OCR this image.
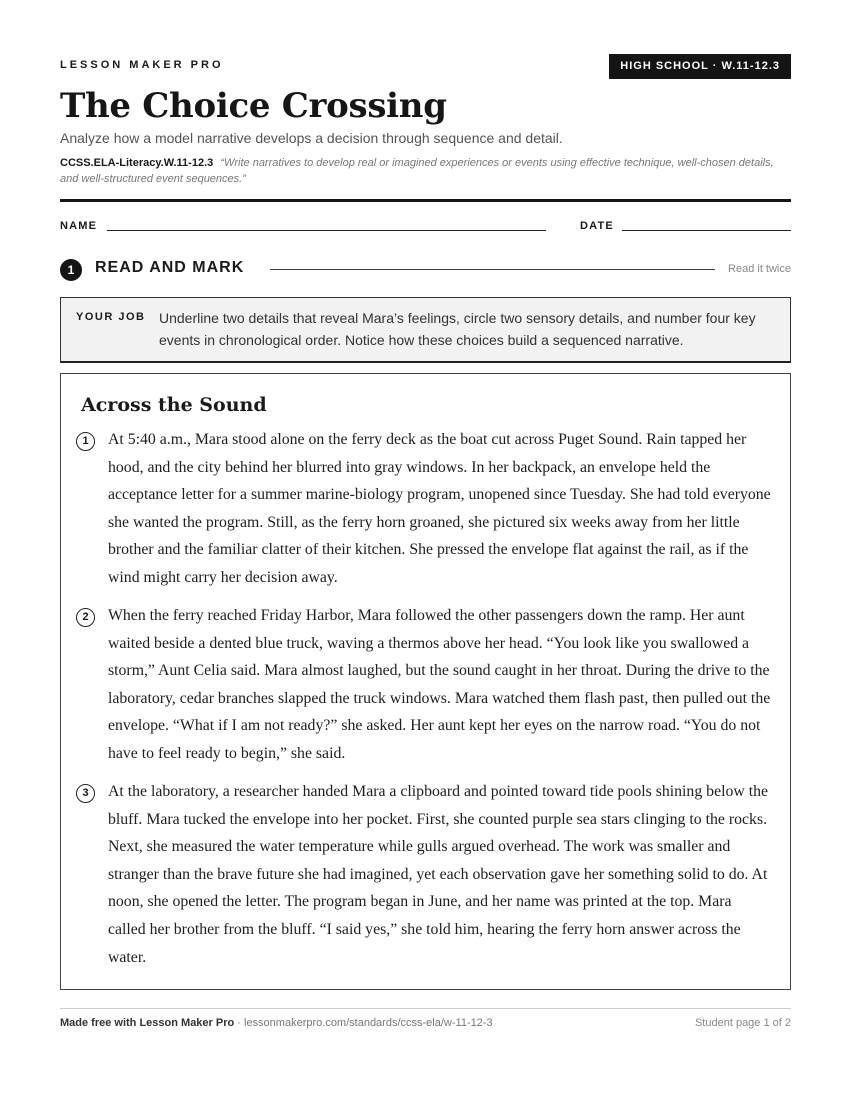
LESSON MAKER PRO	HIGH SCHOOL · W.11-12.3
The Choice Crossing
Analyze how a model narrative develops a decision through sequence and detail.
CCSS.ELA-Literacy.W.11-12.3 “Write narratives to develop real or imagined experiences or events using effective technique, well-chosen details, and well-structured event sequences.”
NAME	DATE
1	READ AND MARK	Read it twice
YOUR JOB Underline two details that reveal Mara’s feelings, circle two sensory details, and number four key events in chronological order. Notice how these choices build a sequenced narrative.
Across the Sound
1	At 5:40 a.m., Mara stood alone on the ferry deck as the boat cut across Puget Sound. Rain tapped her hood, and the city behind her blurred into gray windows. In her backpack, an envelope held the acceptance letter for a summer marine-biology program, unopened since Tuesday. She had told everyone she wanted the program. Still, as the ferry horn groaned, she pictured six weeks away from her little brother and the familiar clatter of their kitchen. She pressed the envelope flat against the rail, as if the wind might carry her decision away.

2	When the ferry reached Friday Harbor, Mara followed the other passengers down the ramp. Her aunt waited beside a dented blue truck, waving a thermos above her head. “You look like you swallowed a storm,” Aunt Celia said. Mara almost laughed, but the sound caught in her throat. During the drive to the laboratory, cedar branches slapped the truck windows. Mara watched them flash past, then pulled out the envelope. “What if I am not ready?” she asked. Her aunt kept her eyes on the narrow road. “You do not have to feel ready to begin,” she said.

3	At the laboratory, a researcher handed Mara a clipboard and pointed toward tide pools shining below the bluff. Mara tucked the envelope into her pocket. First, she counted purple sea stars clinging to the rocks. Next, she measured the water temperature while gulls argued overhead. The work was smaller and stranger than the brave future she had imagined, yet each observation gave her something solid to do. At noon, she opened the letter. The program began in June, and her name was printed at the top. Mara called her brother from the bluff. “I said yes,” she told him, hearing the ferry horn answer across the water.

Made free with Lesson Maker Pro · lessonmakerpro.com/standards/ccss-ela/w-11-12-3	Student page 1 of 2
